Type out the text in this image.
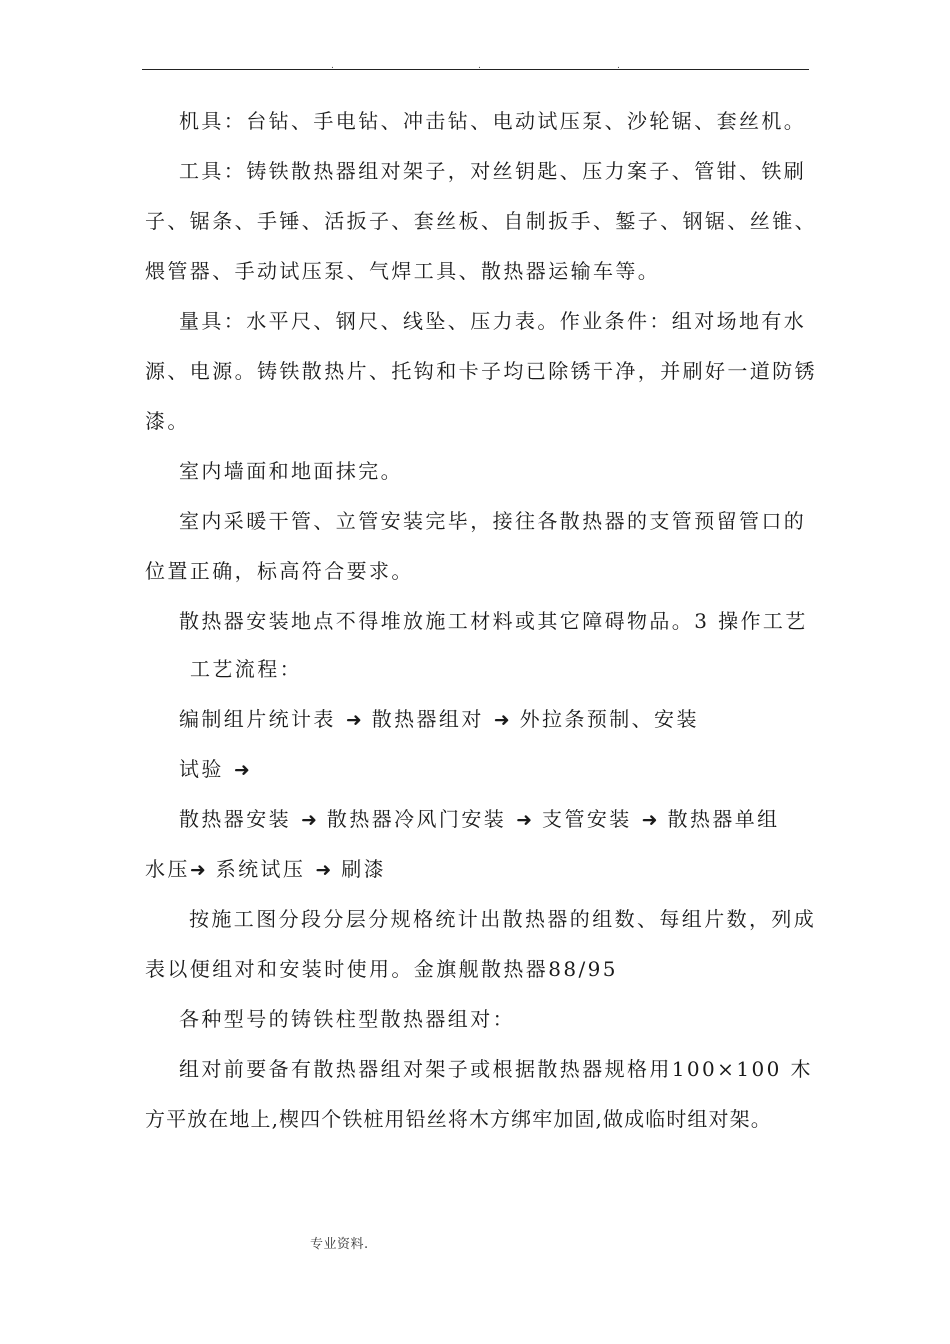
.	.	.
机具：台钻、手电钻、冲击钻、电动试压泵、沙轮锯、套丝机。
工具：铸铁散热器组对架子，对丝钥匙、压力案子、管钳、铁刷
子、锯条、手锤、活扳子、套丝板、自制扳手、錾子、钢锯、丝锥、
煨管器、手动试压泵、气焊工具、散热器运输车等。
量具：水平尺、钢尺、线坠、压力表。作业条件：组对场地有水
源、电源。铸铁散热片、托钩和卡子均已除锈干净，并刷好一道防锈
漆。
室内墙面和地面抹完。
室内采暖干管、立管安装完毕，接往各散热器的支管预留管口的
位置正确，标高符合要求。
散热器安装地点不得堆放施工材料或其它障碍物品。3 操作工艺
工艺流程：
编制组片统计表 ➜ 散热器组对 ➜ 外拉条预制、安装
试验 ➜
散热器安装 ➜ 散热器冷风门安装 ➜ 支管安装 ➜ 散热器单组
水压➜ 系统试压 ➜ 刷漆
按施工图分段分层分规格统计出散热器的组数、每组片数，列成
表以便组对和安装时使用。金旗舰散热器88/95
各种型号的铸铁柱型散热器组对：
组对前要备有散热器组对架子或根据散热器规格用100×100 木
方平放在地上,楔四个铁桩用铅丝将木方绑牢加固,做成临时组对架。
专业资料.
